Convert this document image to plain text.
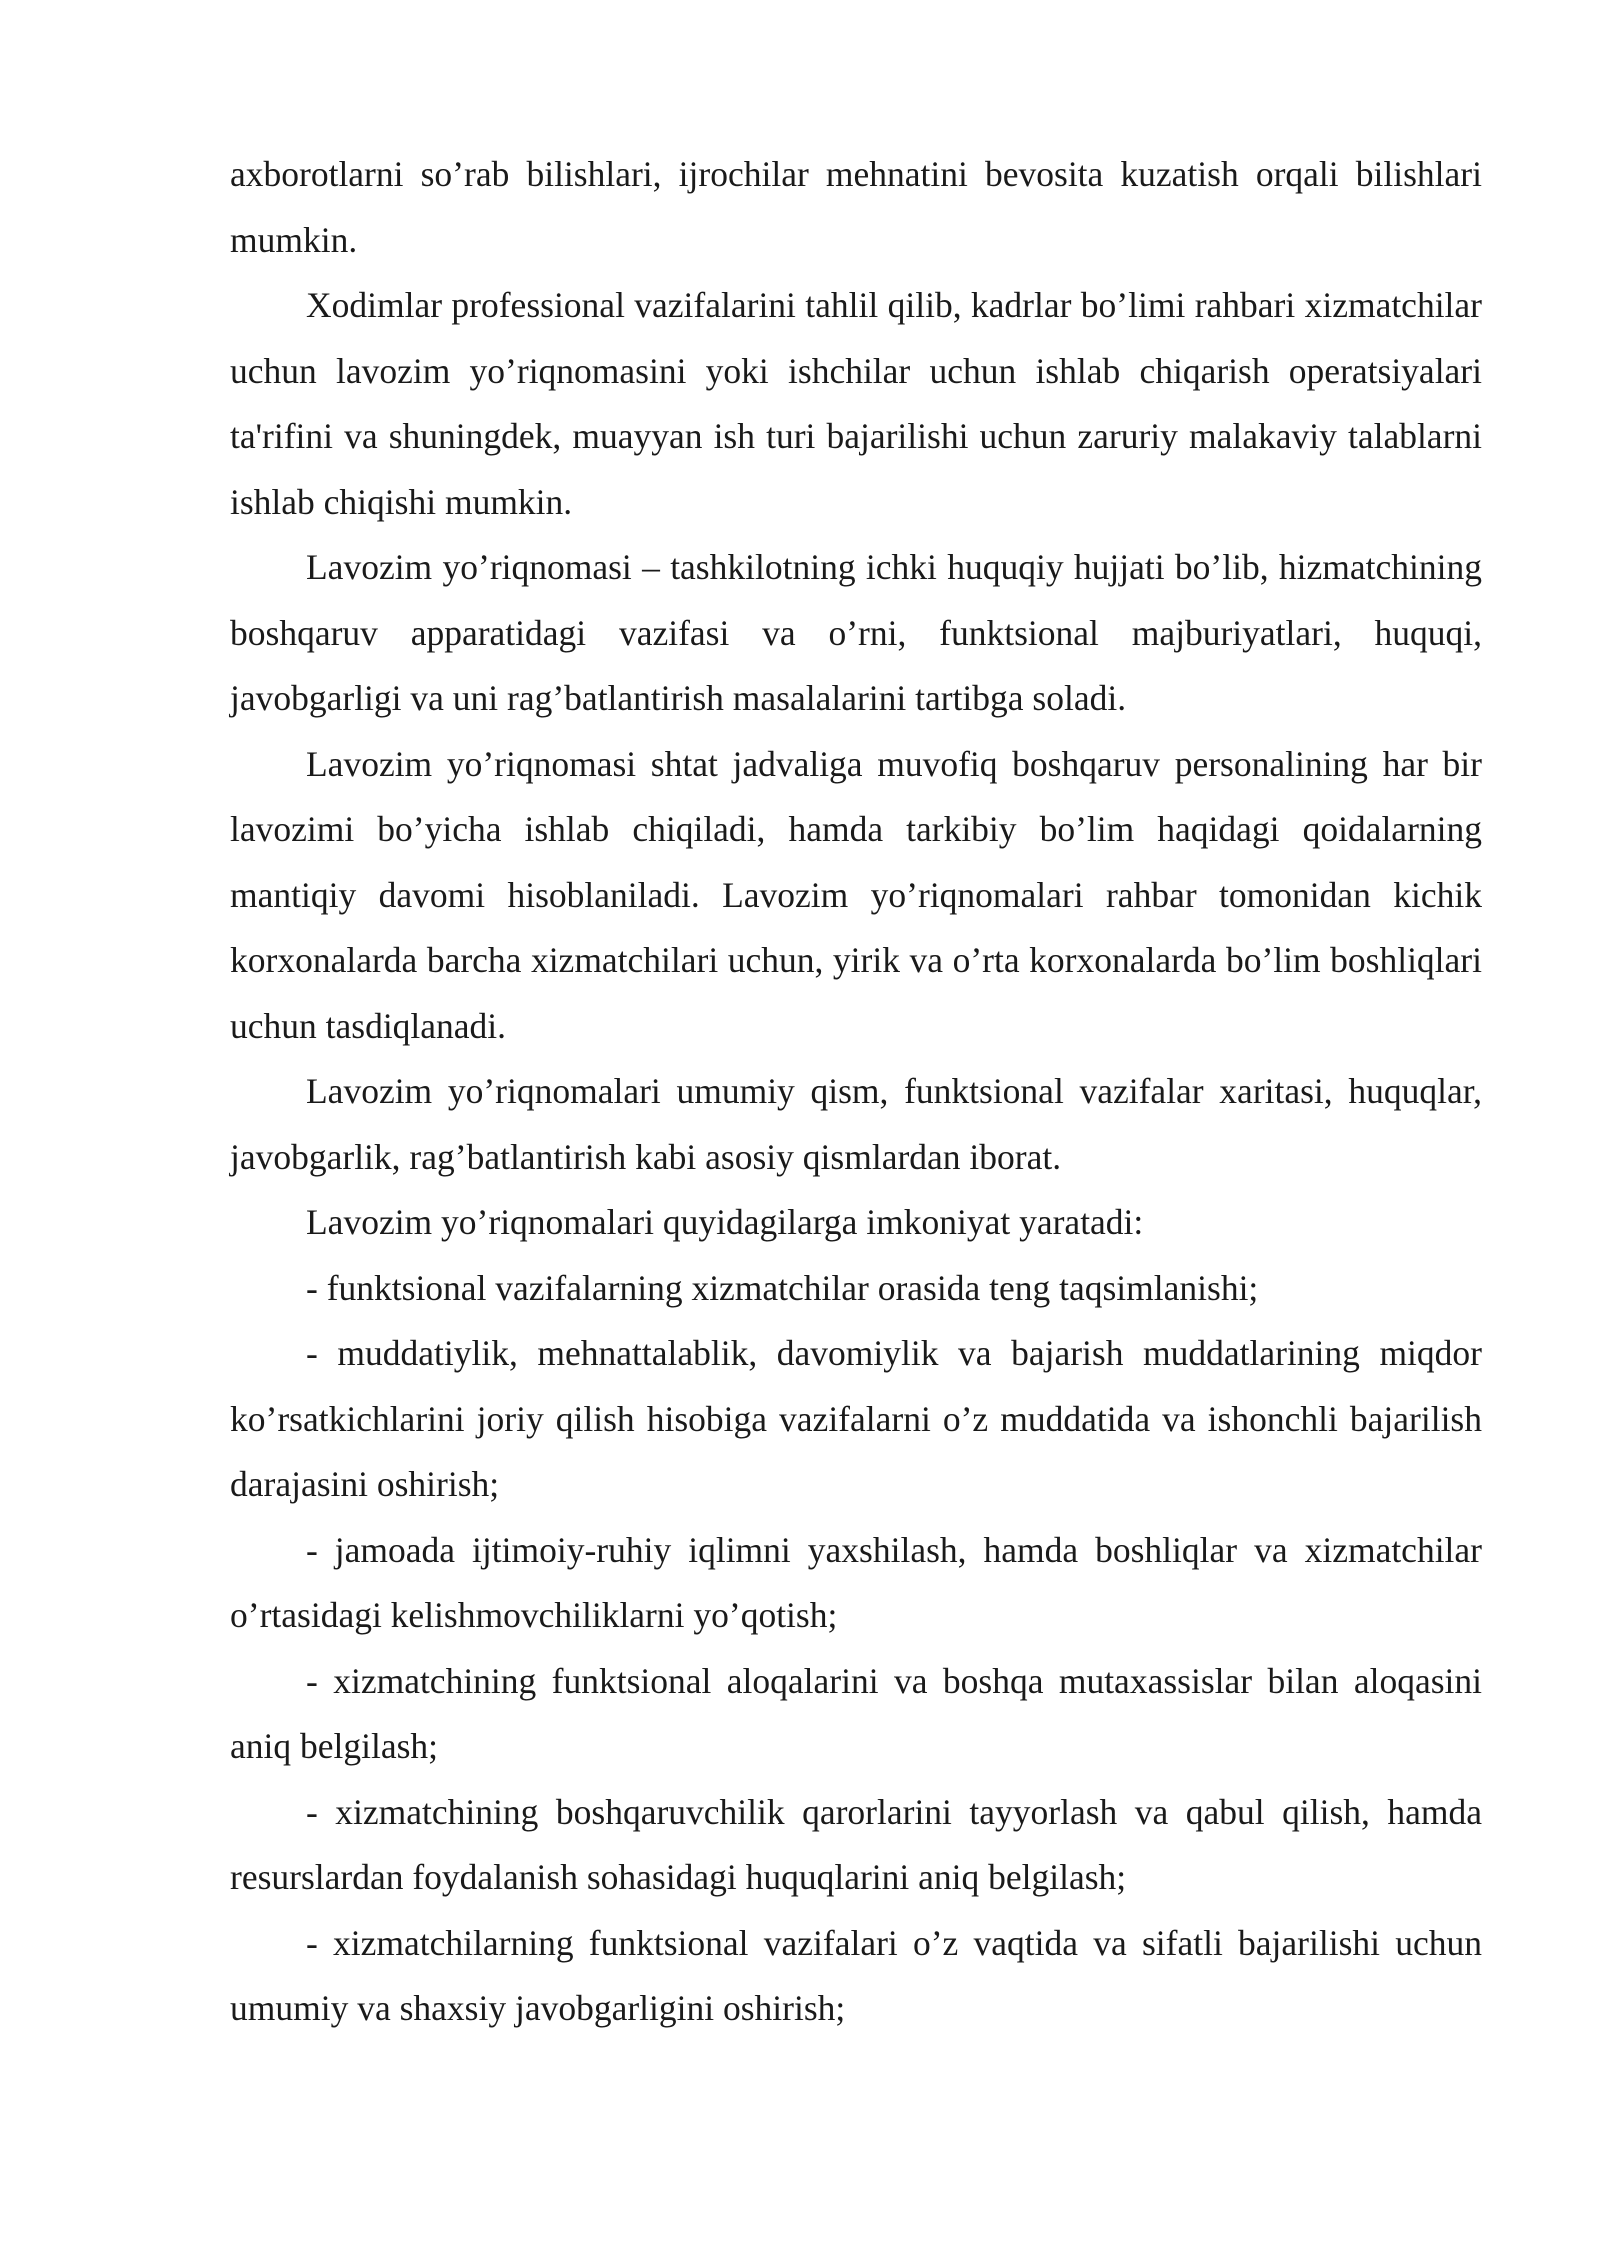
axborotlarni so’rab bilishlari, ijrochilar mehnatini bevosita kuzatish orqali bilishlari mumkin.

Xodimlar professional vazifalarini tahlil qilib, kadrlar bo’limi rahbari xizmatchilar uchun lavozim yo’riqnomasini yoki ishchilar uchun ishlab chiqarish operatsiyalari ta'rifini va shuningdek, muayyan ish turi bajarilishi uchun zaruriy malakaviy talablarni ishlab chiqishi mumkin.

Lavozim yo’riqnomasi – tashkilotning ichki huquqiy hujjati bo’lib, hizmatchining boshqaruv apparatidagi vazifasi va o’rni, funktsional majburiyatlari, huquqi, javobgarligi va uni rag’batlantirish masalalarini tartibga soladi.

Lavozim yo’riqnomasi shtat jadvaliga muvofiq boshqaruv personalining har bir lavozimi bo’yicha ishlab chiqiladi, hamda tarkibiy bo’lim haqidagi qoidalarning mantiqiy davomi hisoblaniladi. Lavozim yo’riqnomalari rahbar tomonidan kichik korxonalarda barcha xizmatchilari uchun, yirik va o’rta korxonalarda bo’lim boshliqlari uchun tasdiqlanadi.

Lavozim yo’riqnomalari umumiy qism, funktsional vazifalar xaritasi, huquqlar, javobgarlik, rag’batlantirish kabi asosiy qismlardan iborat.

Lavozim yo’riqnomalari quyidagilarga imkoniyat yaratadi:

- funktsional vazifalarning xizmatchilar orasida teng taqsimlanishi;

- muddatiylik, mehnattalablik, davomiylik va bajarish muddatlarining miqdor ko’rsatkichlarini joriy qilish hisobiga vazifalarni o’z muddatida va ishonchli bajarilish darajasini oshirish;

- jamoada ijtimoiy-ruhiy iqlimni yaxshilash, hamda boshliqlar va xizmatchilar o’rtasidagi kelishmovchiliklarni yo’qotish;

- xizmatchining funktsional aloqalarini va boshqa mutaxassislar bilan aloqasini aniq belgilash;

- xizmatchining boshqaruvchilik qarorlarini tayyorlash va qabul qilish, hamda resurslardan foydalanish sohasidagi huquqlarini aniq belgilash;

- xizmatchilarning funktsional vazifalari o’z vaqtida va sifatli bajarilishi uchun umumiy va shaxsiy javobgarligini oshirish;
